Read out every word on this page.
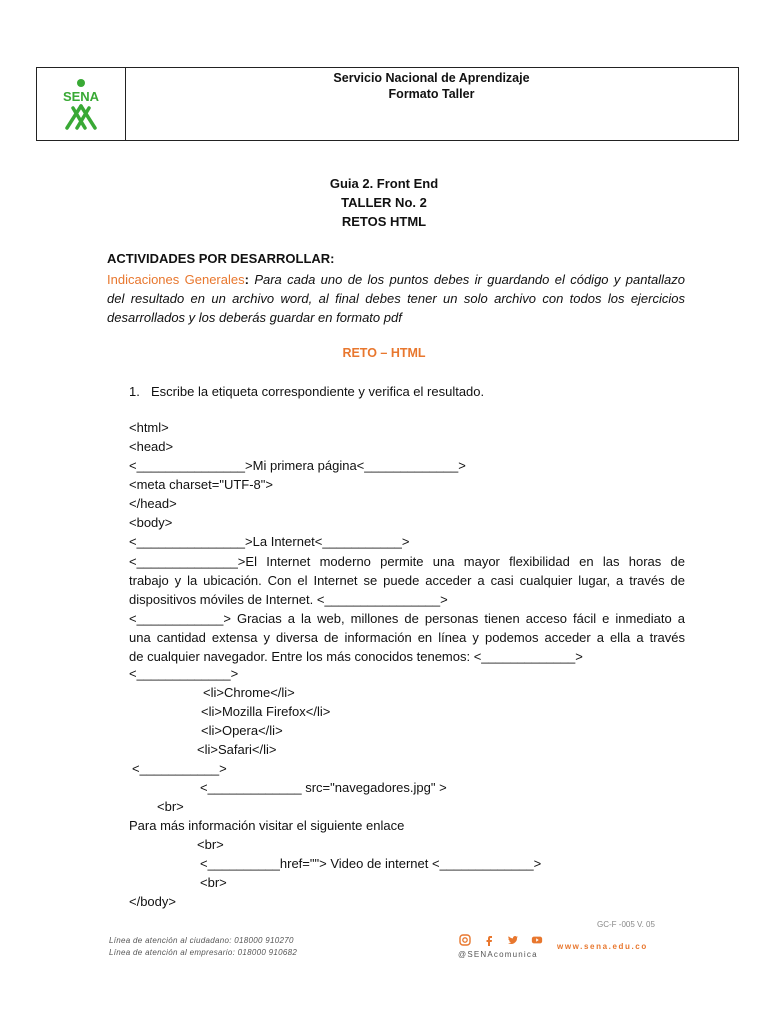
SENA
Servicio Nacional de Aprendizaje
Formato Taller
Guia 2. Front End
TALLER No. 2
RETOS HTML
ACTIVIDADES POR DESARROLLAR:
Indicaciones Generales: Para cada uno de los puntos debes ir guardando el código y pantallazo
del resultado en un archivo word, al final debes tener un solo archivo con todos los ejercicios
desarrollados y los deberás guardar en formato pdf
RETO – HTML
1. Escribe la etiqueta correspondiente y verifica el resultado.
<html>
<head>
<_______________>Mi primera página<_____________>
<meta charset="UTF-8">
</head>
<body>
<_______________>La Internet<___________>
<______________>El Internet moderno permite una mayor flexibilidad en las horas de
trabajo y la ubicación. Con el Internet se puede acceder a casi cualquier lugar, a través de
dispositivos móviles de Internet. <________________>
<____________> Gracias a la web, millones de personas tienen acceso fácil e inmediato a
una cantidad extensa y diversa de información en línea y podemos acceder a ella a través
de cualquier navegador. Entre los más conocidos tenemos: <_____________>
<_____________>
<li>Chrome</li>
<li>Mozilla Firefox</li>
<li>Opera</li>
<li>Safari</li>
<___________>
<_____________ src="navegadores.jpg" >
<br>
Para más información visitar el siguiente enlace
<br>
<__________href=""> Video de internet <_____________>
<br>
</body>
GC-F -005 V. 05
Línea de atención al ciudadano: 018000 910270
Línea de atención al empresario: 018000 910682	@SENAcomunica
www.sena.edu.co
